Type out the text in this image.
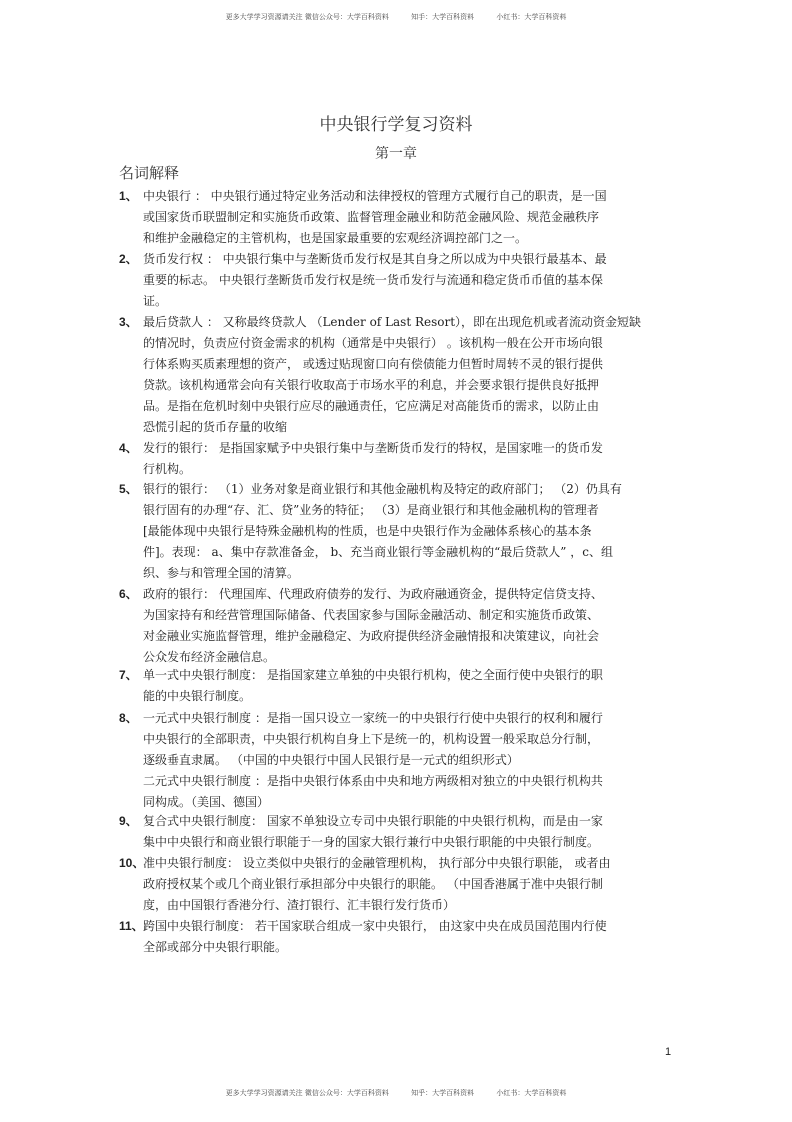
更多大学学习资源请关注 微信公众号：大学百科资料	知手：大学百科资料	小红书：大学百科资料
中央银行学复习资料
第一章
名词解释
1、 中央银行 ： 中央银行通过特定业务活动和法律授权的管理方式履行自己的职责，是一国
或国家货币联盟制定和实施货币政策、监督管理金融业和防范金融风险、规范金融秩序
和维护金融稳定的主管机构，也是国家最重要的宏观经济调控部门之一。
2、 货币发行权 ： 中央银行集中与垄断货币发行权是其自身之所以成为中央银行最基本、最
重要的标志。 中央银行垄断货币发行权是统一货币发行与流通和稳定货币币值的基本保
证。
3、 最后贷款人 ： 又称最终贷款人 （Lender of Last Resort），即在出现危机或者流动资金短缺
的情况时，负责应付资金需求的机构（通常是中央银行） 。该机构一般在公开市场向银
行体系购买质素理想的资产， 或透过贴现窗口向有偿债能力但暂时周转不灵的银行提供
贷款。该机构通常会向有关银行收取高于市场水平的利息，并会要求银行提供良好抵押
品。是指在危机时刻中央银行应尽的融通责任，它应满足对高能货币的需求，以防止由
恐慌引起的货币存量的收缩
4、 发行的银行： 是指国家赋予中央银行集中与垄断货币发行的特权，是国家唯一的货币发
行机构。
5、 银行的银行： （1）业务对象是商业银行和其他金融机构及特定的政府部门； （2）仍具有
银行固有的办理“存、汇、贷”业务的特征； （3）是商业银行和其他金融机构的管理者
[最能体现中央银行是特殊金融机构的性质，也是中央银行作为金融体系核心的基本条
件]。表现： a、集中存款准备金， b、充当商业银行等金融机构的“最后贷款人” ，c、组
织、参与和管理全国的清算。
6、 政府的银行： 代理国库、代理政府债券的发行、为政府融通资金，提供特定信贷支持、
为国家持有和经营管理国际储备、代表国家参与国际金融活动、制定和实施货币政策、
对金融业实施监督管理，维护金融稳定、为政府提供经济金融情报和决策建议，向社会
公众发布经济金融信息。
7、 单一式中央银行制度： 是指国家建立单独的中央银行机构，使之全面行使中央银行的职
能的中央银行制度。
8、 一元式中央银行制度 ：是指一国只设立一家统一的中央银行行使中央银行的权利和履行
中央银行的全部职责，中央银行机构自身上下是统一的，机构设置一般采取总分行制，
逐级垂直隶属。 （中国的中央银行中国人民银行是一元式的组织形式）
二元式中央银行制度 ：是指中央银行体系由中央和地方两级相对独立的中央银行机构共
同构成。（美国、德国）
9、 复合式中央银行制度： 国家不单独设立专司中央银行职能的中央银行机构，而是由一家
集中中央银行和商业银行职能于一身的国家大银行兼行中央银行职能的中央银行制度。
10、
准中央银行制度： 设立类似中央银行的金融管理机构， 执行部分中央银行职能， 或者由
政府授权某个或几个商业银行承担部分中央银行的职能。 （中国香港属于准中央银行制
度，由中国银行香港分行、渣打银行、汇丰银行发行货币）
11、 跨国中央银行制度： 若干国家联合组成一家中央银行， 由这家中央在成员国范围内行使
全部或部分中央银行职能。
1
更多大学学习资源请关注 微信公众号：大学百科资料	知乎：大学百科资料	小红书：大学百科资料
